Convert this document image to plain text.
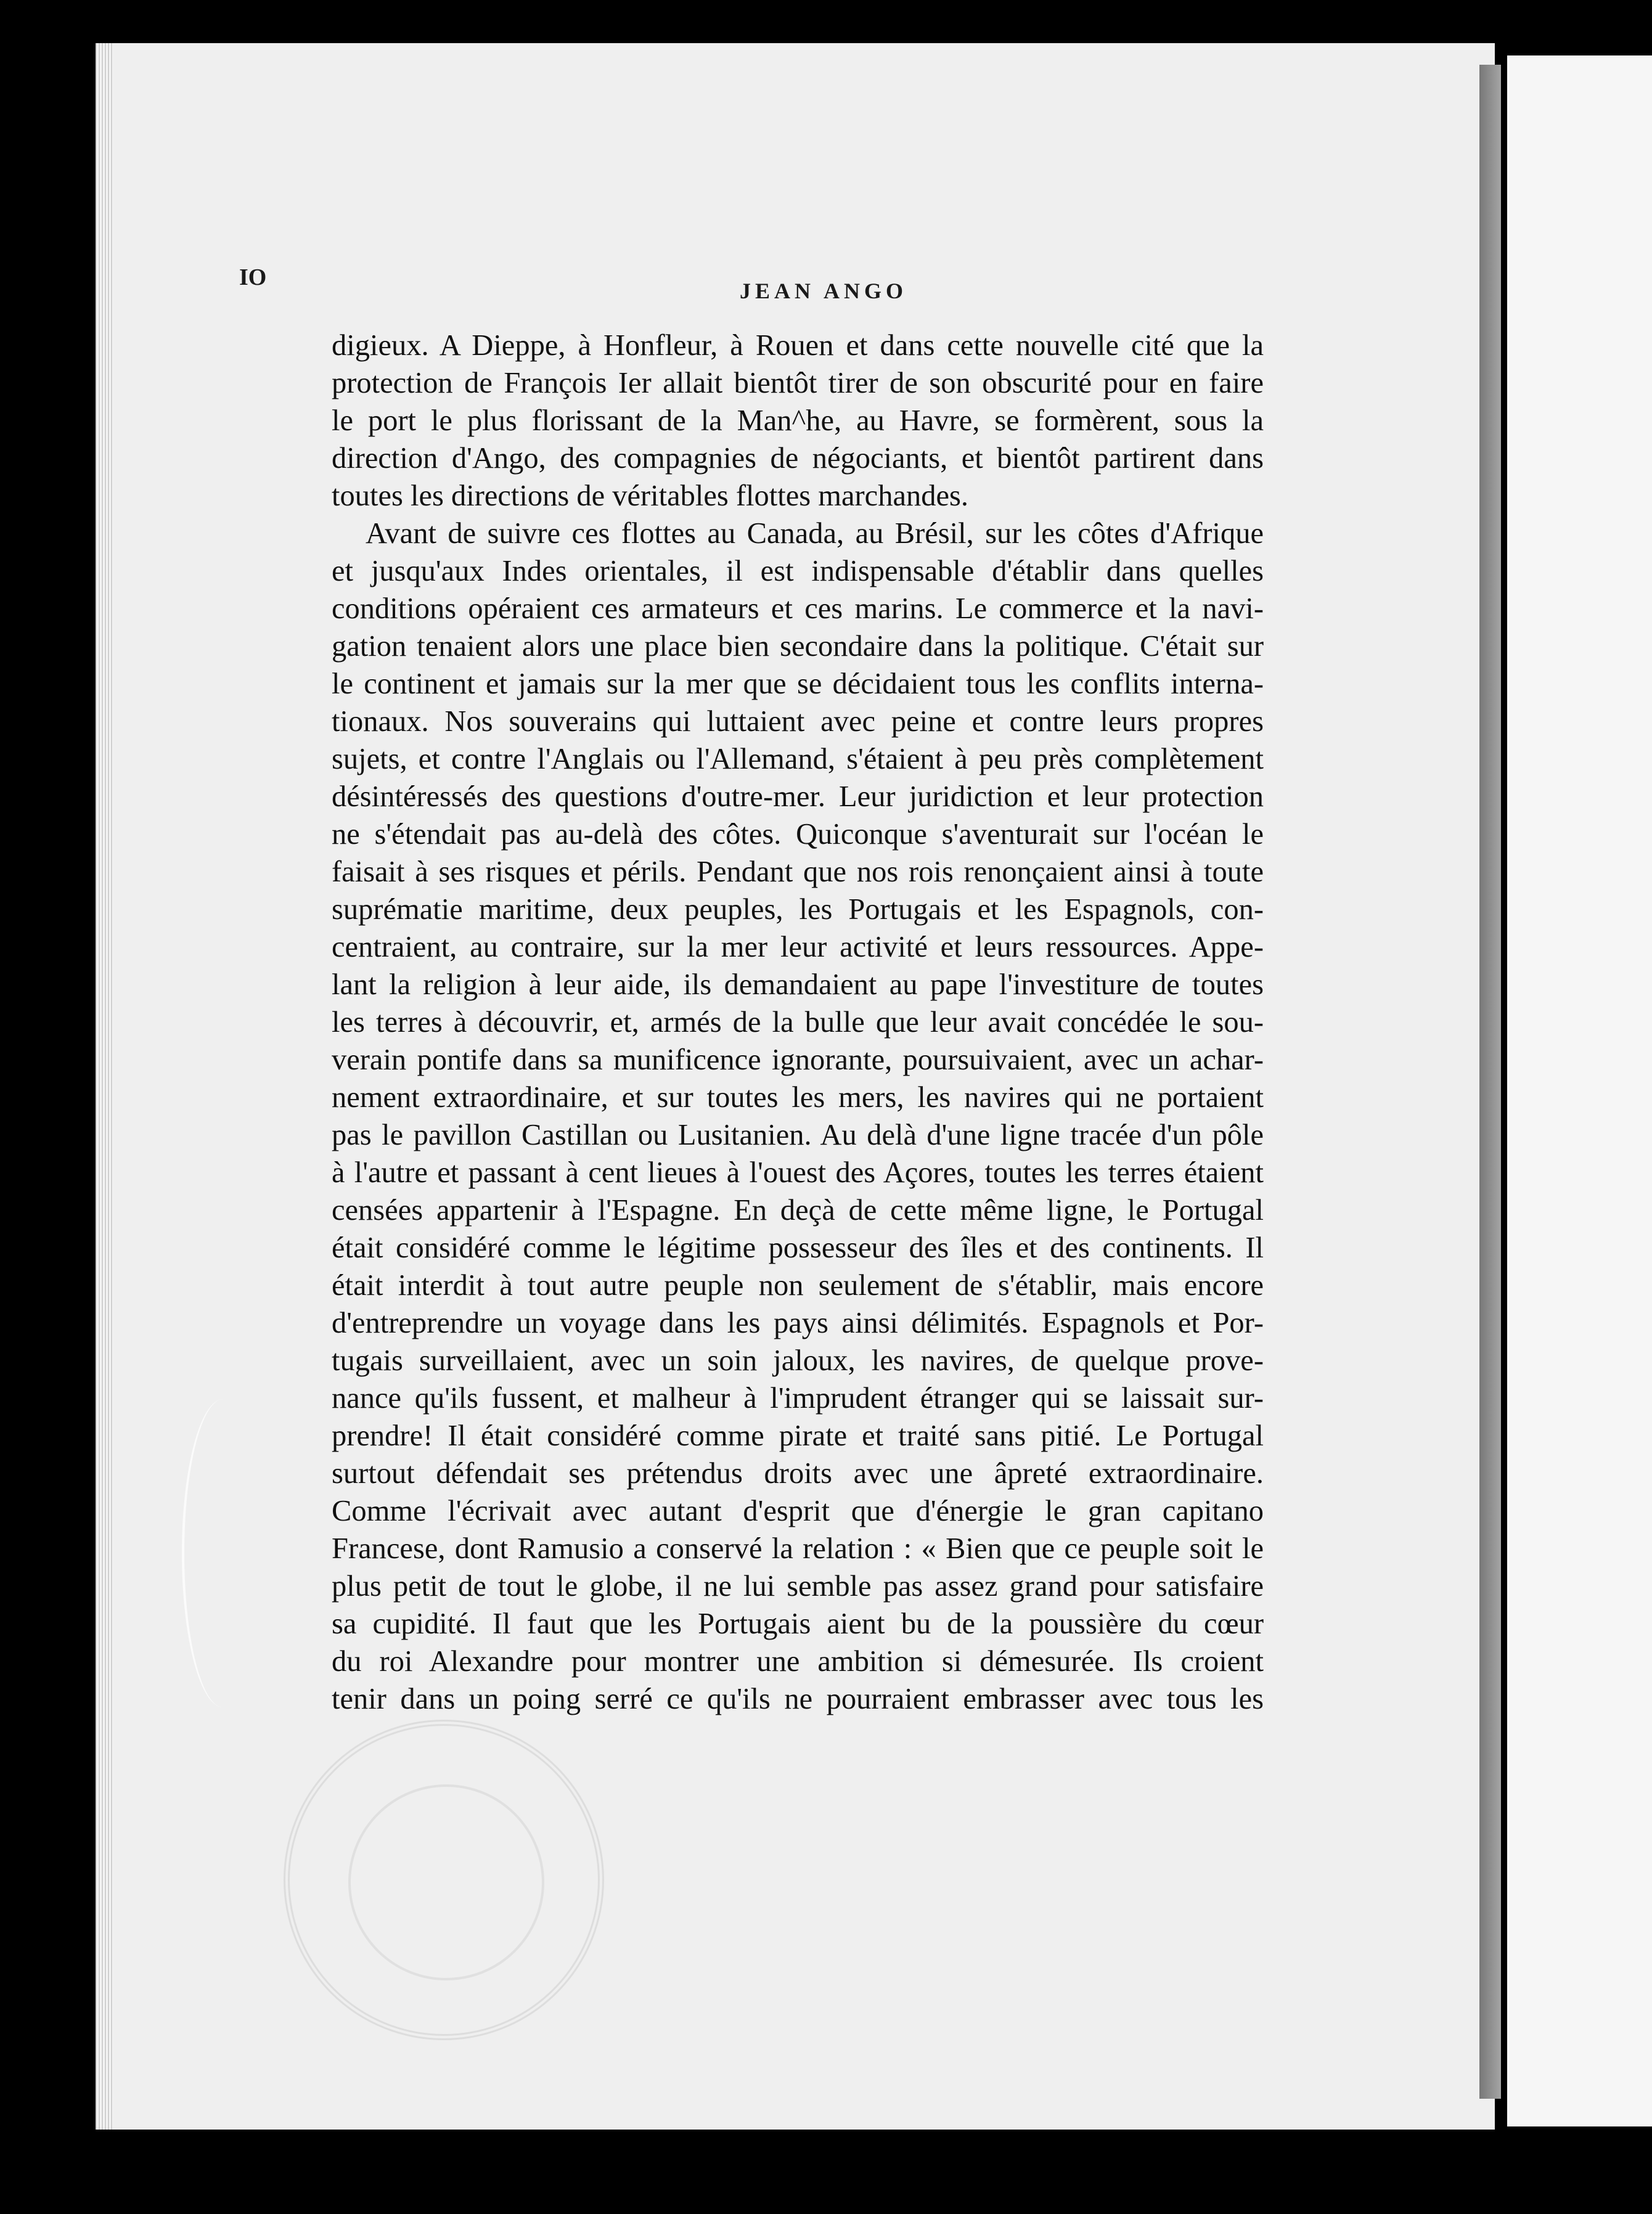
IO
JEAN ANGO
digieux. A Dieppe, à Honfleur, à Rouen et dans cette nouvelle cité que la
protection de François Ier allait bientôt tirer de son obscurité pour en faire
le port le plus florissant de la Man^he, au Havre, se formèrent, sous la
direction d'Ango, des compagnies de négociants, et bientôt partirent dans
toutes les directions de véritables flottes marchandes.
Avant de suivre ces flottes au Canada, au Brésil, sur les côtes d'Afrique
et jusqu'aux Indes orientales, il est indispensable d'établir dans quelles
conditions opéraient ces armateurs et ces marins. Le commerce et la navi-
gation tenaient alors une place bien secondaire dans la politique. C'était sur
le continent et jamais sur la mer que se décidaient tous les conflits interna-
tionaux. Nos souverains qui luttaient avec peine et contre leurs propres
sujets, et contre l'Anglais ou l'Allemand, s'étaient à peu près complètement
désintéressés des questions d'outre-mer. Leur juridiction et leur protection
ne s'étendait pas au-delà des côtes. Quiconque s'aventurait sur l'océan le
faisait à ses risques et périls. Pendant que nos rois renonçaient ainsi à toute
suprématie maritime, deux peuples, les Portugais et les Espagnols, con-
centraient, au contraire, sur la mer leur activité et leurs ressources. Appe-
lant la religion à leur aide, ils demandaient au pape l'investiture de toutes
les terres à découvrir, et, armés de la bulle que leur avait concédée le sou-
verain pontife dans sa munificence ignorante, poursuivaient, avec un achar-
nement extraordinaire, et sur toutes les mers, les navires qui ne portaient
pas le pavillon Castillan ou Lusitanien. Au delà d'une ligne tracée d'un pôle
à l'autre et passant à cent lieues à l'ouest des Açores, toutes les terres étaient
censées appartenir à l'Espagne. En deçà de cette même ligne, le Portugal
était considéré comme le légitime possesseur des îles et des continents. Il
était interdit à tout autre peuple non seulement de s'établir, mais encore
d'entreprendre un voyage dans les pays ainsi délimités. Espagnols et Por-
tugais surveillaient, avec un soin jaloux, les navires, de quelque prove-
nance qu'ils fussent, et malheur à l'imprudent étranger qui se laissait sur-
prendre! Il était considéré comme pirate et traité sans pitié. Le Portugal
surtout défendait ses prétendus droits avec une âpreté extraordinaire.
Comme l'écrivait avec autant d'esprit que d'énergie le gran capitano
Francese, dont Ramusio a conservé la relation : « Bien que ce peuple soit le
plus petit de tout le globe, il ne lui semble pas assez grand pour satisfaire
sa cupidité. Il faut que les Portugais aient bu de la poussière du cœur
du roi Alexandre pour montrer une ambition si démesurée. Ils croient
tenir dans un poing serré ce qu'ils ne pourraient embrasser avec tous les
